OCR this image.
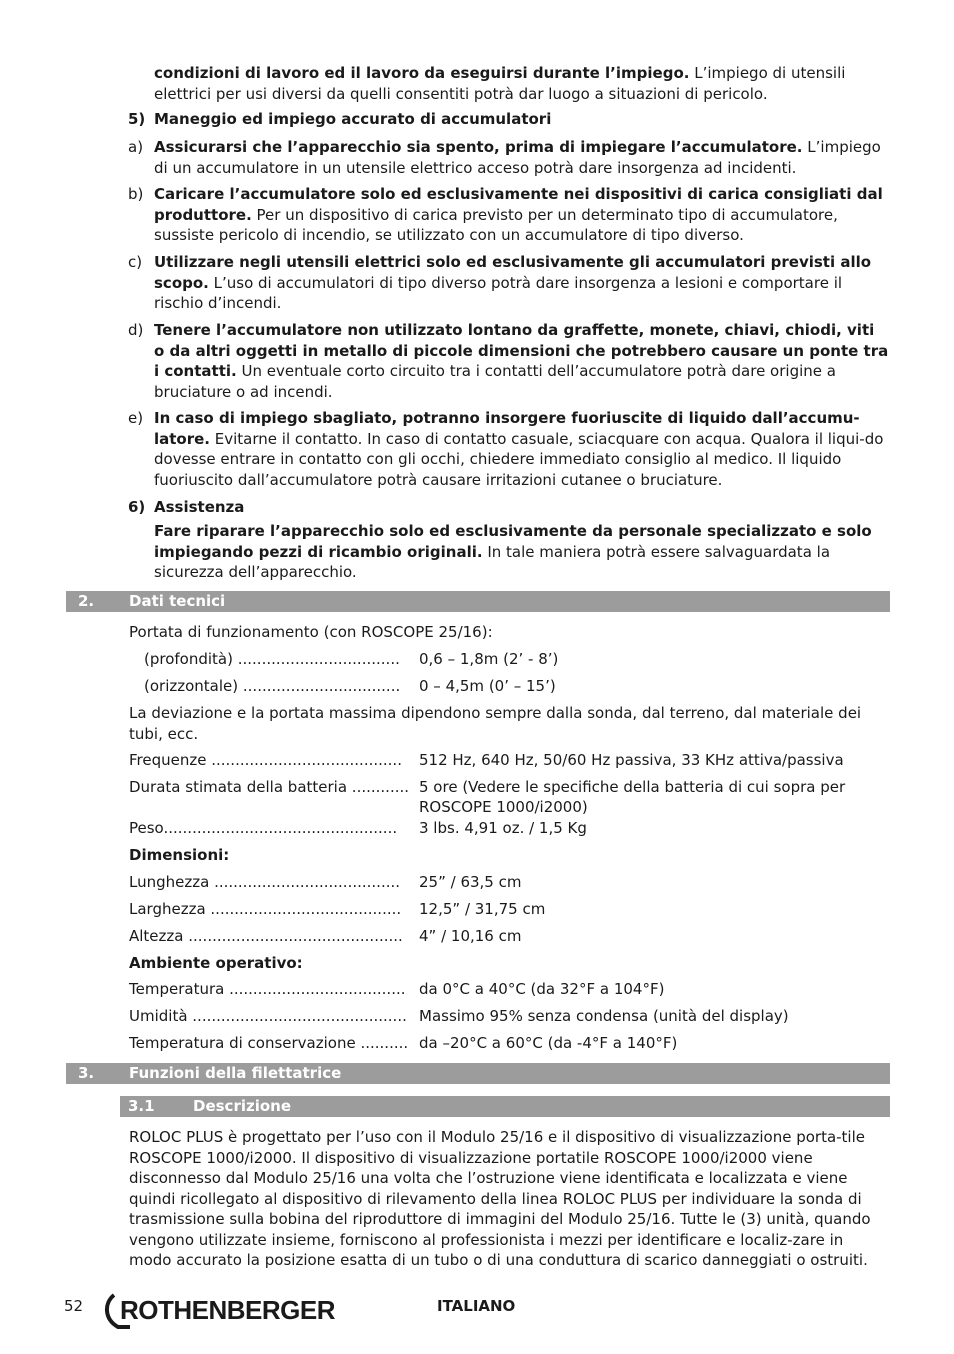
condizioni di lavoro ed il lavoro da eseguirsi durante l’impiego. L’impiego di utensili elettrici per usi diversi da quelli consentiti potrà dar luogo a situazioni di pericolo.

5) Maneggio ed impiego accurato di accumulatori
a) Assicurarsi che l’apparecchio sia spento, prima di impiegare l’accumulatore. L’impiego di un accumulatore in un utensile elettrico acceso potrà dare insorgenza ad incidenti.

b) Caricare l’accumulatore solo ed esclusivamente nei dispositivi di carica consigliati dal produttore. Per un dispositivo di carica previsto per un determinato tipo di accumulatore, sussiste pericolo di incendio, se utilizzato con un accumulatore di tipo diverso.

c) Utilizzare negli utensili elettrici solo ed esclusivamente gli accumulatori previsti allo scopo. L’uso di accumulatori di tipo diverso potrà dare insorgenza a lesioni e comportare il rischio d’incendi.

d) Tenere l’accumulatore non utilizzato lontano da graffette, monete, chiavi, chiodi, viti o da altri oggetti in metallo di piccole dimensioni che potrebbero causare un ponte tra i contatti. Un eventuale corto circuito tra i contatti dell’accumulatore potrà dare origine a bruciature o ad incendi.

e) In caso di impiego sbagliato, potranno insorgere fuoriuscite di liquido dall’accumu-latore. Evitarne il contatto. In caso di contatto casuale, sciacquare con acqua. Qualora il liqui-do dovesse entrare in contatto con gli occhi, chiedere immediato consiglio al medico. Il liquido fuoriuscito dall’accumulatore potrà causare irritazioni cutanee o bruciature.

6) Assistenza

Fare riparare l’apparecchio solo ed esclusivamente da personale specializzato e solo impiegando pezzi di ricambio originali. In tale maniera potrà essere salvaguardata la sicurezza dell’apparecchio.

2. Dati tecnici
Portata di funzionamento (con ROSCOPE 25/16):
(profondità) .................................. 0,6 – 1,8m (2’ - 8’)
(orizzontale) ................................. 0 – 4,5m (0’ – 15’)

La deviazione e la portata massima dipendono sempre dalla sonda, dal terreno, dal materiale dei tubi, ecc.

Frequenze ........................................ 512 Hz, 640 Hz, 50/60 Hz passiva, 33 KHz attiva/passiva
Durata stimata della batteria ............ 5 ore (Vedere le specifiche della batteria di cui sopra per
ROSCOPE 1000/i2000)
Peso................................................. 3 lbs. 4,91 oz. / 1,5 Kg
Dimensioni:
Lunghezza ....................................... 25” / 63,5 cm
Larghezza ........................................ 12,5” / 31,75 cm
Altezza ............................................. 4” / 10,16 cm
Ambiente operativo:
Temperatura ..................................... da 0°C a 40°C (da 32°F a 104°F)
Umidità ............................................. Massimo 95% senza condensa (unità del display)
Temperatura di conservazione .......... da –20°C a 60°C (da -4°F a 140°F)
3. Funzioni della filettatrice
3.1	Descrizione

ROLOC PLUS è progettato per l’uso con il Modulo 25/16 e il dispositivo di visualizzazione porta-tile ROSCOPE 1000/i2000. Il dispositivo di visualizzazione portatile ROSCOPE 1000/i2000 viene disconnesso dal Modulo 25/16 una volta che l’ostruzione viene identificata e localizzata e viene quindi ricollegato al dispositivo di rilevamento della linea ROLOC PLUS per individuare la sonda di trasmissione sulla bobina del riproduttore di immagini del Modulo 25/16. Tutte le (3) unità, quando vengono utilizzate insieme, forniscono al professionista i mezzi per identificare e localiz-zare in modo accurato la posizione esatta di un tubo o di una conduttura di scarico danneggiati o ostruiti.

52 ROTHENBERGER	ITALIANO
